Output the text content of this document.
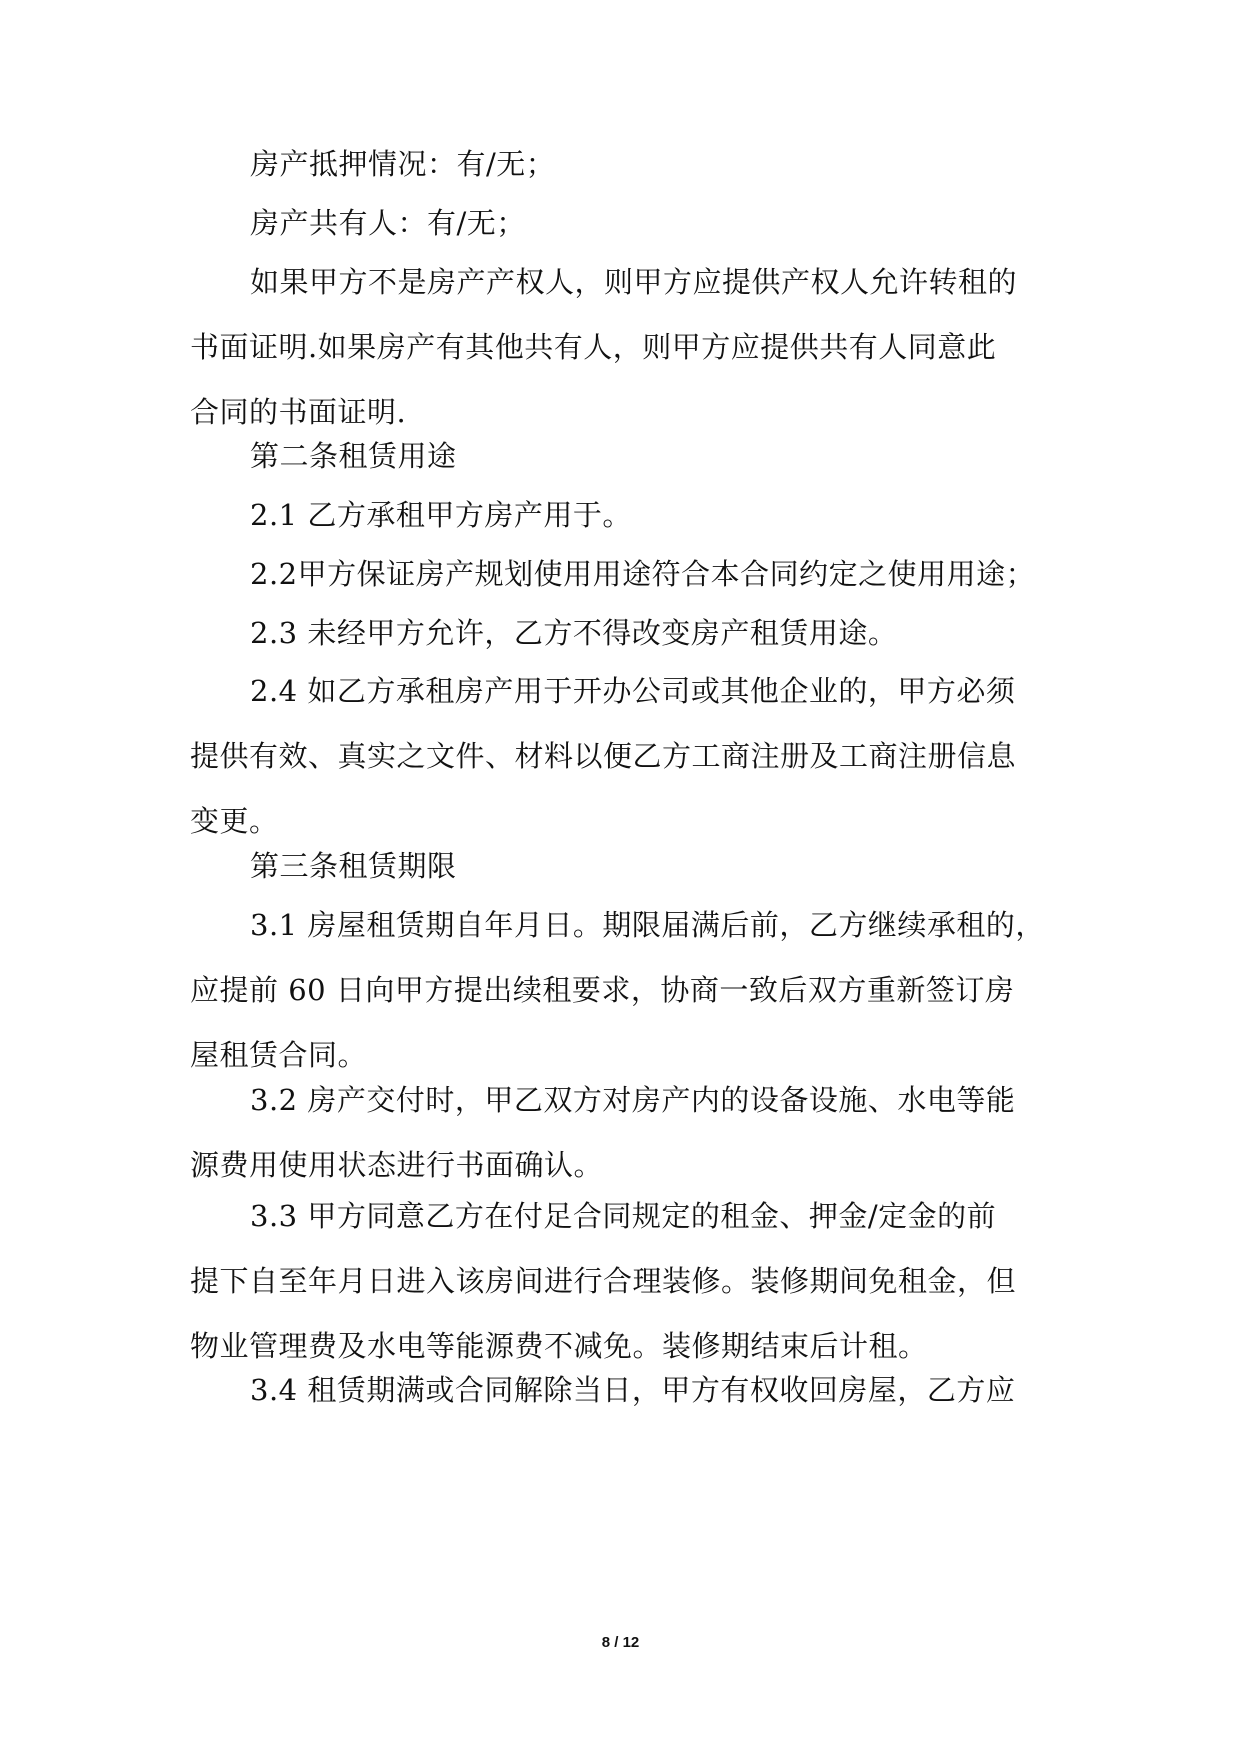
房产抵押情况：有/无；
房产共有人：有/无；
如果甲方不是房产产权人，则甲方应提供产权人允许转租的
书面证明.如果房产有其他共有人，则甲方应提供共有人同意此
合同的书面证明.
第二条租赁用途
2.1 乙方承租甲方房产用于。
2.2甲方保证房产规划使用用途符合本合同约定之使用用途；
2.3 未经甲方允许，乙方不得改变房产租赁用途。
2.4 如乙方承租房产用于开办公司或其他企业的，甲方必须
提供有效、真实之文件、材料以便乙方工商注册及工商注册信息
变更。
第三条租赁期限
3.1 房屋租赁期自年月日。期限届满后前，乙方继续承租的，
应提前 60 日向甲方提出续租要求，协商一致后双方重新签订房
屋租赁合同。
3.2 房产交付时，甲乙双方对房产内的设备设施、水电等能
源费用使用状态进行书面确认。
3.3 甲方同意乙方在付足合同规定的租金、押金/定金的前
提下自至年月日进入该房间进行合理装修。装修期间免租金，但
物业管理费及水电等能源费不减免。装修期结束后计租。
3.4 租赁期满或合同解除当日，甲方有权收回房屋，乙方应
8 / 12
